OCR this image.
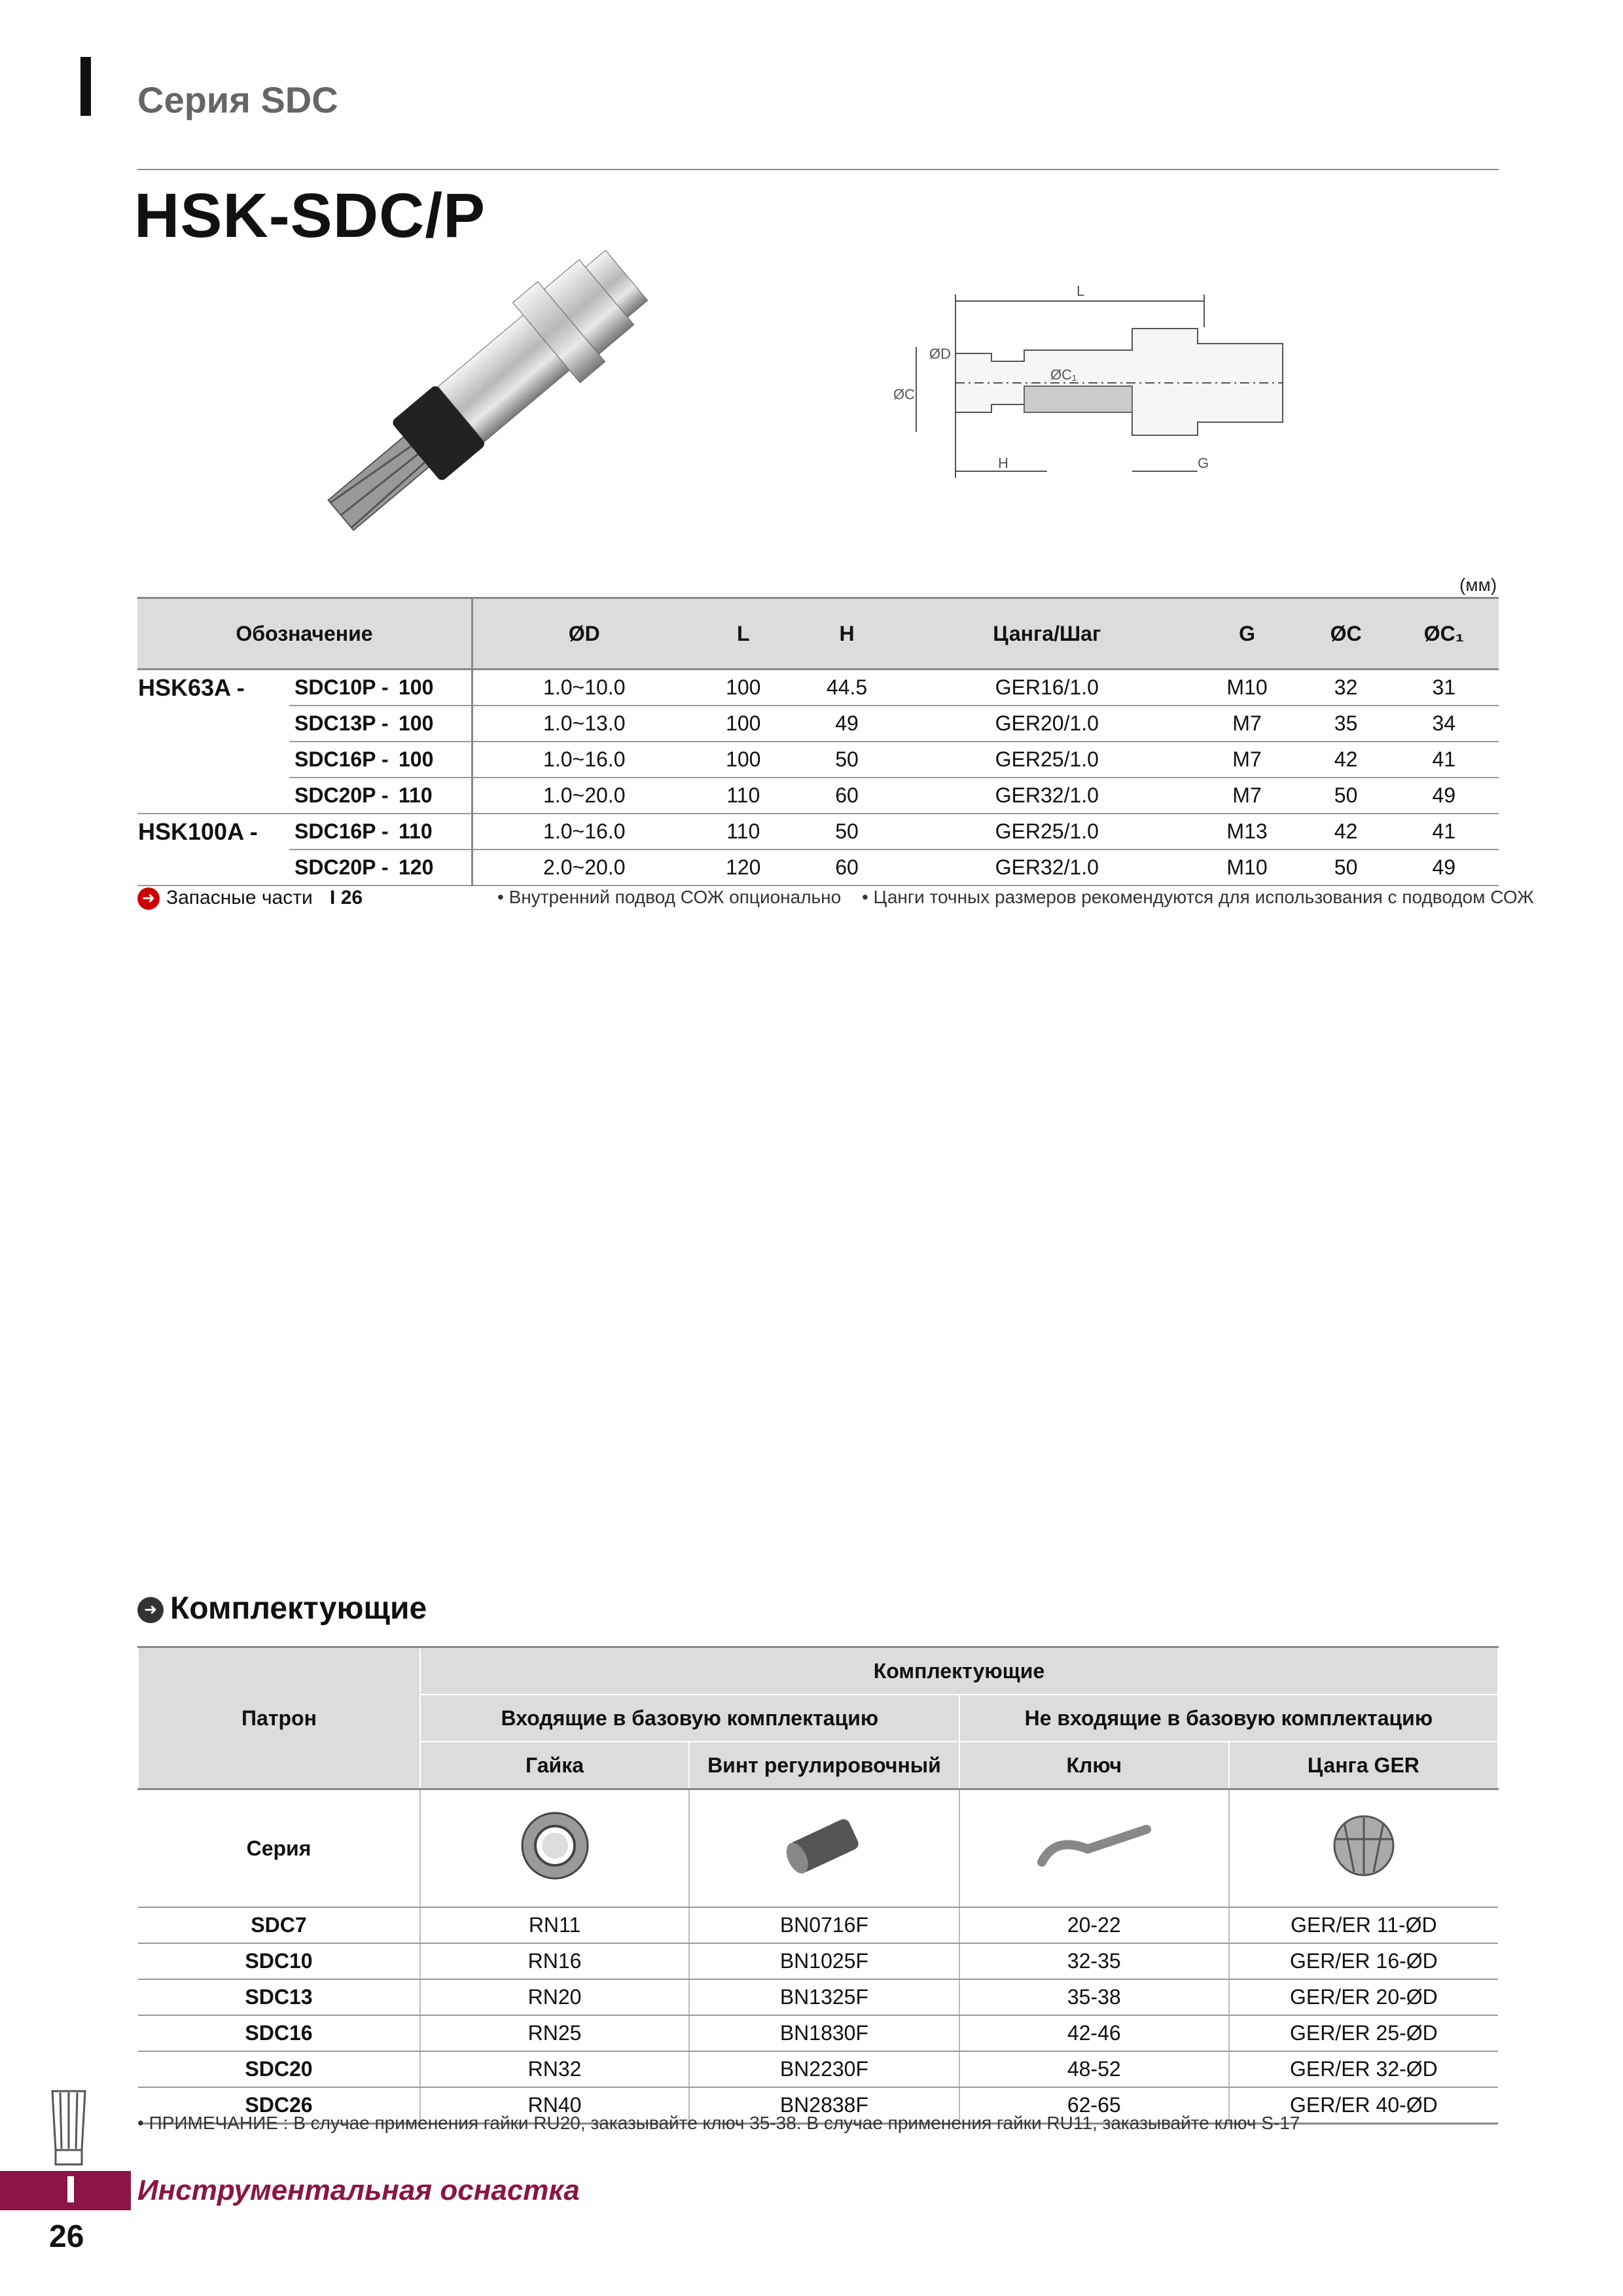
Серия SDC
HSK-SDC/P
L
ØD
ØC
ØC₁
H	G
(мм)
Обозначение			ØD	L	H	Цанга/Шаг	G	ØC	ØC₁
HSK63A -	SDC10P -	100	1.0~10.0	100	44.5	GER16/1.0	M10	32	31
	SDC13P -	100	1.0~13.0	100	49	GER20/1.0	M7	35	34
	SDC16P -	100	1.0~16.0	100	50	GER25/1.0	M7	42	41
	SDC20P -	110	1.0~20.0	110	60	GER32/1.0	M7	50	49
HSK100A -	SDC16P -	110	1.0~16.0	110	50	GER25/1.0	M13	42	41
	SDC20P -	120	2.0~20.0	120	60	GER32/1.0	M10	50	49
➜ Запасные части I 26	• Внутренний подвод СОЖ опционально • Цанги точных размеров рекомендуются для использования с подводом СОЖ
➜ Комплектующие
Патрон	Комплектующие			
	Входящие в базовую комплектацию		Не входящие в базовую комплектацию	
	Гайка	Винт регулировочный	Ключ	Цанга GER
Серия				
SDC7	RN11	BN0716F	20-22	GER/ER 11-ØD
SDC10	RN16	BN1025F	32-35	GER/ER 16-ØD
SDC13	RN20	BN1325F	35-38	GER/ER 20-ØD
SDC16	RN25	BN1830F	42-46	GER/ER 25-ØD
SDC20	RN32	BN2230F	48-52	GER/ER 32-ØD
SDC26	RN40	BN2838F	62-65	GER/ER 40-ØD
• ПРИМЕЧАНИЕ : В случае применения гайки RU20, заказывайте ключ 35-38. В случае применения гайки RU11, заказывайте ключ S-17
Инструментальная оснастка
26
